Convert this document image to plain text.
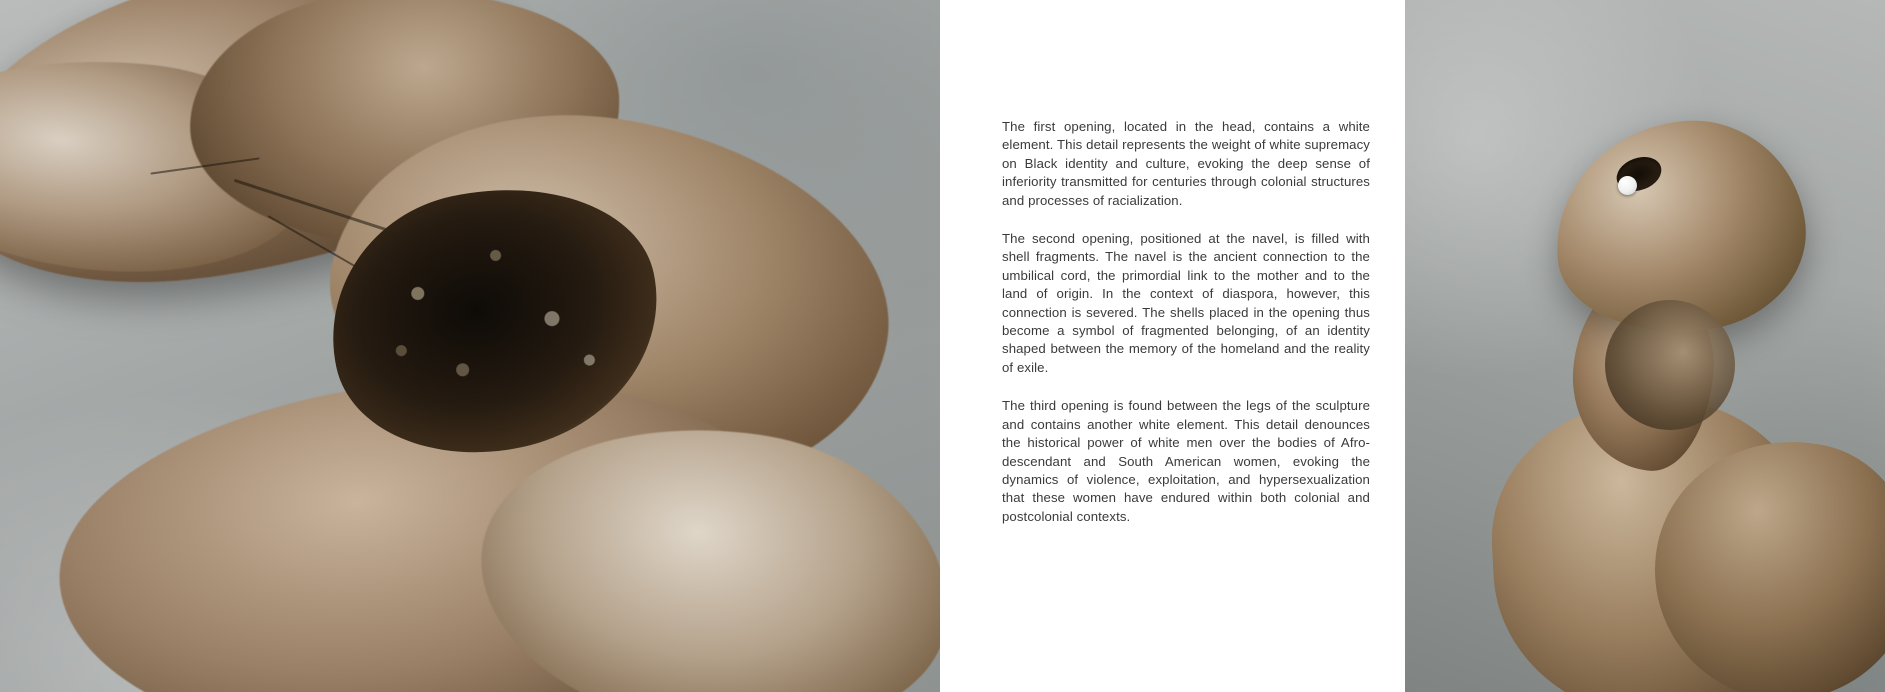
The first opening, located in the head, contains a white element. This detail represents the weight of white supremacy on Black identity and culture, evoking the deep sense of inferiority transmitted for centuries through colonial structures and processes of racialization.

The second opening, positioned at the navel, is filled with shell fragments. The navel is the ancient connection to the umbilical cord, the primordial link to the mother and to the land of origin. In the context of diaspora, however, this connection is severed. The shells placed in the opening thus become a symbol of fragmented belonging, of an identity shaped between the memory of the homeland and the reality of exile.

The third opening is found between the legs of the sculpture and contains another white element. This detail denounces the historical power of white men over the bodies of Afro-descendant and South American women, evoking the dynamics of violence, exploitation, and hypersexualization that these women have endured within both colonial and postcolonial contexts.
